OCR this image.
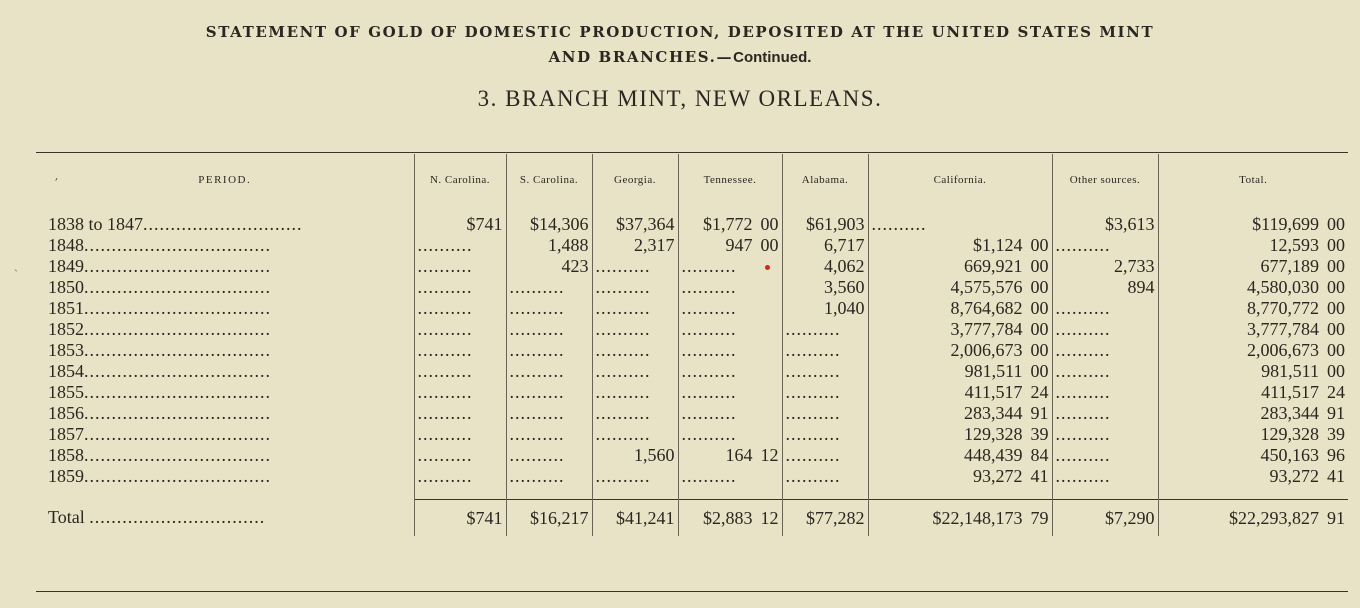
STATEMENT OF GOLD OF DOMESTIC PRODUCTION, DEPOSITED AT THE UNITED STATES MINT
AND BRANCHES.—Continued.
3. BRANCH MINT, NEW ORLEANS.
ʼ
ˎ
PERIOD.	N. Carolina.	S. Carolina.	Georgia.	Tennessee.	Alabama.	California.	Other sources.	Total.
1838 to 1847.............................	$741	$14,306	$37,364	$1,772 00	$61,903	..........	$3,613	$119,699 00
1848..................................	..........	1,488	2,317	947 00	6,717	$1,124 00	..........	12,593 00
1849..................................	..........	423	..........	..........	4,062	669,921 00	2,733	677,189 00
1850..................................	..........	..........	..........	..........	3,560	4,575,576 00	894	4,580,030 00
1851..................................	..........	..........	..........	..........	1,040	8,764,682 00	..........	8,770,772 00
1852..................................	..........	..........	..........	..........	..........	3,777,784 00	..........	3,777,784 00
1853..................................	..........	..........	..........	..........	..........	2,006,673 00	..........	2,006,673 00
1854..................................	..........	..........	..........	..........	..........	981,511 00	..........	981,511 00
1855..................................	..........	..........	..........	..........	..........	411,517 24	..........	411,517 24
1856..................................	..........	..........	..........	..........	..........	283,344 91	..........	283,344 91
1857..................................	..........	..........	..........	..........	..........	129,328 39	..........	129,328 39
1858..................................	..........	..........	1,560	164 12	..........	448,439 84	..........	450,163 96
1859..................................	..........	..........	..........	..........	..........	93,272 41	..........	93,272 41

Total ................................	$741	$16,217	$41,241	$2,883 12	$77,282	$22,148,173 79	$7,290	$22,293,827 91
